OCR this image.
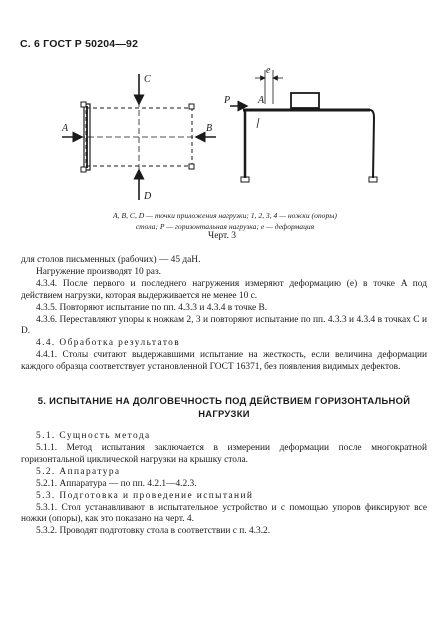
С. 6 ГОСТ Р 50204—92
C
D
A	B
e
P	A
A, B, C, D — точки приложения нагрузки; 1, 2, 3, 4 — ножки (опоры)
стола; P — горизонтальная нагрузка; e — деформация
Черт. 3

для столов письменных (рабочих) — 45 даН.

Нагружение производят 10 раз.

4.3.4. После первого и последнего нагружения измеряют деформацию (e) в точке A под действием нагрузки, которая выдерживается не менее 10 с.

4.3.5. Повторяют испытание по пп. 4.3.3 и 4.3.4 в точке B.

4.3.6. Переставляют упоры к ножкам 2, 3 и повторяют испытание по пп. 4.3.3 и 4.3.4 в точках C и D.

4.4. Обработка результатов

4.4.1. Столы считают выдержавшими испытание на жесткость, если величина деформации каждого образца соответствует установленной ГОСТ 16371, без появления видимых дефектов.

5. ИСПЫТАНИЕ НА ДОЛГОВЕЧНОСТЬ ПОД ДЕЙСТВИЕМ ГОРИЗОНТАЛЬНОЙ НАГРУЗКИ

5.1. Сущность метода

5.1.1. Метод испытания заключается в измерении деформации после многократной горизонтальной циклической нагрузки на крышку стола.

5.2. Аппаратура

5.2.1. Аппаратура — по пп. 4.2.1—4.2.3.

5.3. Подготовка и проведение испытаний

5.3.1. Стол устанавливают в испытательное устройство и с помощью упоров фиксируют все ножки (опоры), как это показано на черт. 4.

5.3.2. Проводят подготовку стола в соответствии с п. 4.3.2.
